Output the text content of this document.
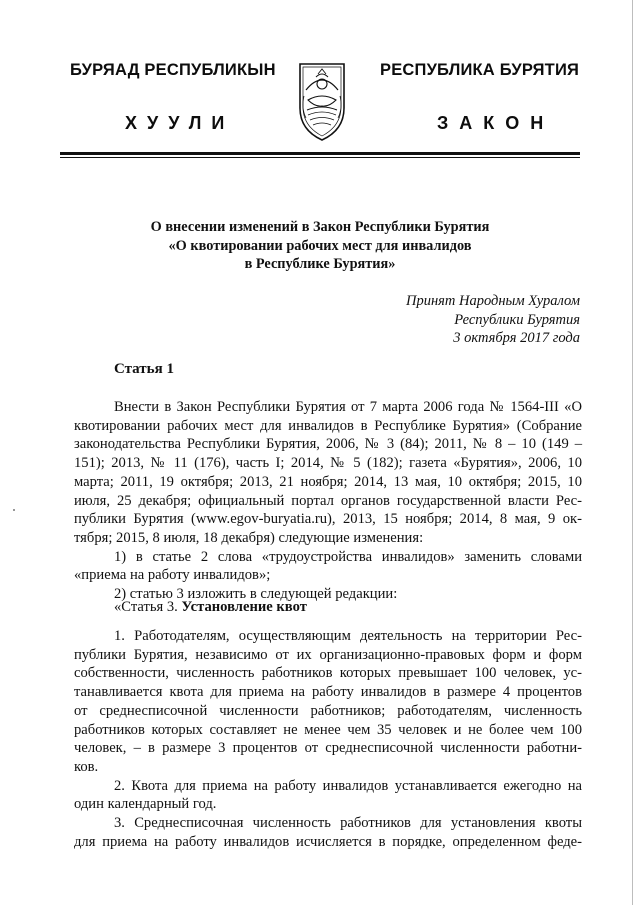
БУРЯАД РЕСПУБЛИКЫН	РЕСПУБЛИКА БУРЯТИЯ
ХУУЛИ	ЗАКОН
О внесении изменений в Закон Республики Бурятия
«О квотировании рабочих мест для инвалидов
в Республике Бурятия»
Принят Народным Хуралом
Республики Бурятия
3 октября 2017 года
Статья 1
Внести в Закон Республики Бурятия от 7 марта 2006 года № 1564-III «О
квотировании рабочих мест для инвалидов в Республике Бурятия» (Собрание
законодательства Республики Бурятия, 2006, № 3 (84); 2011, № 8 – 10 (149 –
151); 2013, № 11 (176), часть I; 2014, № 5 (182); газета «Бурятия», 2006, 10
марта; 2011, 19 октября; 2013, 21 ноября; 2014, 13 мая, 10 октября; 2015, 10
июля, 25 декабря; официальный портал органов государственной власти Рес-
публики Бурятия (www.egov-buryatia.ru), 2013, 15 ноября; 2014, 8 мая, 9 ок-
тября; 2015, 8 июля, 18 декабря) следующие изменения:
1) в статье 2 слова «трудоустройства инвалидов» заменить словами
«приема на работу инвалидов»;
2) статью 3 изложить в следующей редакции:
«Статья 3. Установление квот
1. Работодателям, осуществляющим деятельность на территории Рес-
публики Бурятия, независимо от их организационно-правовых форм и форм
собственности, численность работников которых превышает 100 человек, ус-
танавливается квота для приема на работу инвалидов в размере 4 процентов
от среднесписочной численности работников; работодателям, численность
работников которых составляет не менее чем 35 человек и не более чем 100
человек, – в размере 3 процентов от среднесписочной численности работни-
ков.
2. Квота для приема на работу инвалидов устанавливается ежегодно на
один календарный год.
3. Среднесписочная численность работников для установления квоты
для приема на работу инвалидов исчисляется в порядке, определенном феде-
